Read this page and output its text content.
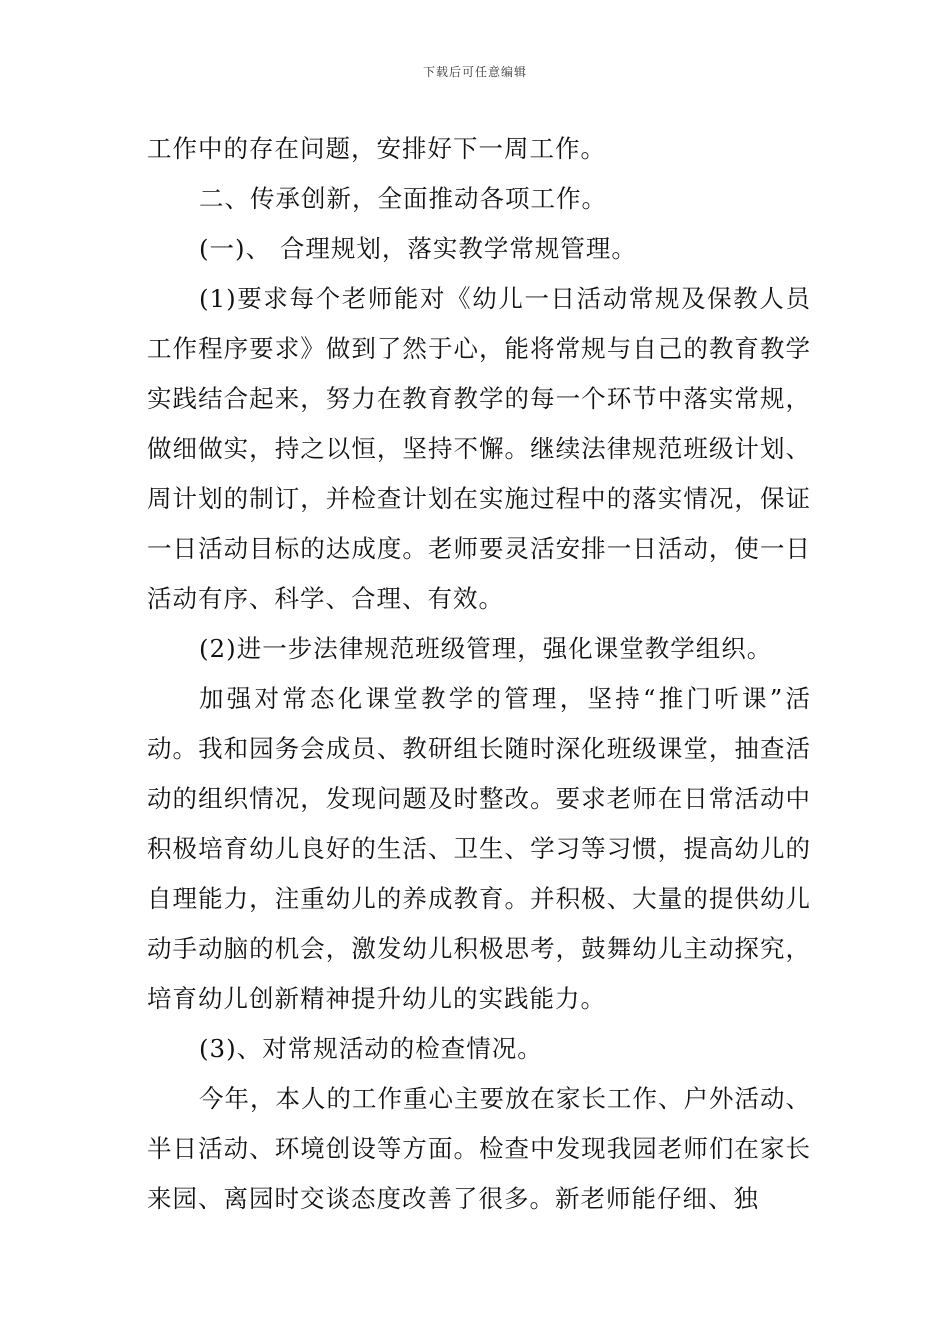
下载后可任意编辑

工作中的存在问题，安排好下一周工作。

二、传承创新，全面推动各项工作。

(一)、 合理规划，落实教学常规管理。

(1)要求每个老师能对《幼儿一日活动常规及保教人员工作程序要求》做到了然于心，能将常规与自己的教育教学实践结合起来，努力在教育教学的每一个环节中落实常规，做细做实，持之以恒，坚持不懈。继续法律规范班级计划、周计划的制订，并检查计划在实施过程中的落实情况，保证一日活动目标的达成度。老师要灵活安排一日活动，使一日活动有序、科学、合理、有效。

(2)进一步法律规范班级管理，强化课堂教学组织。

加强对常态化课堂教学的管理，坚持“推门听课”活动。我和园务会成员、教研组长随时深化班级课堂，抽查活动的组织情况，发现问题及时整改。要求老师在日常活动中积极培育幼儿良好的生活、卫生、学习等习惯，提高幼儿的自理能力，注重幼儿的养成教育。并积极、大量的提供幼儿动手动脑的机会，激发幼儿积极思考，鼓舞幼儿主动探究，培育幼儿创新精神提升幼儿的实践能力。

(3)、对常规活动的检查情况。

今年，本人的工作重心主要放在家长工作、户外活动、半日活动、环境创设等方面。检查中发现我园老师们在家长来园、离园时交谈态度改善了很多。新老师能仔细、独
